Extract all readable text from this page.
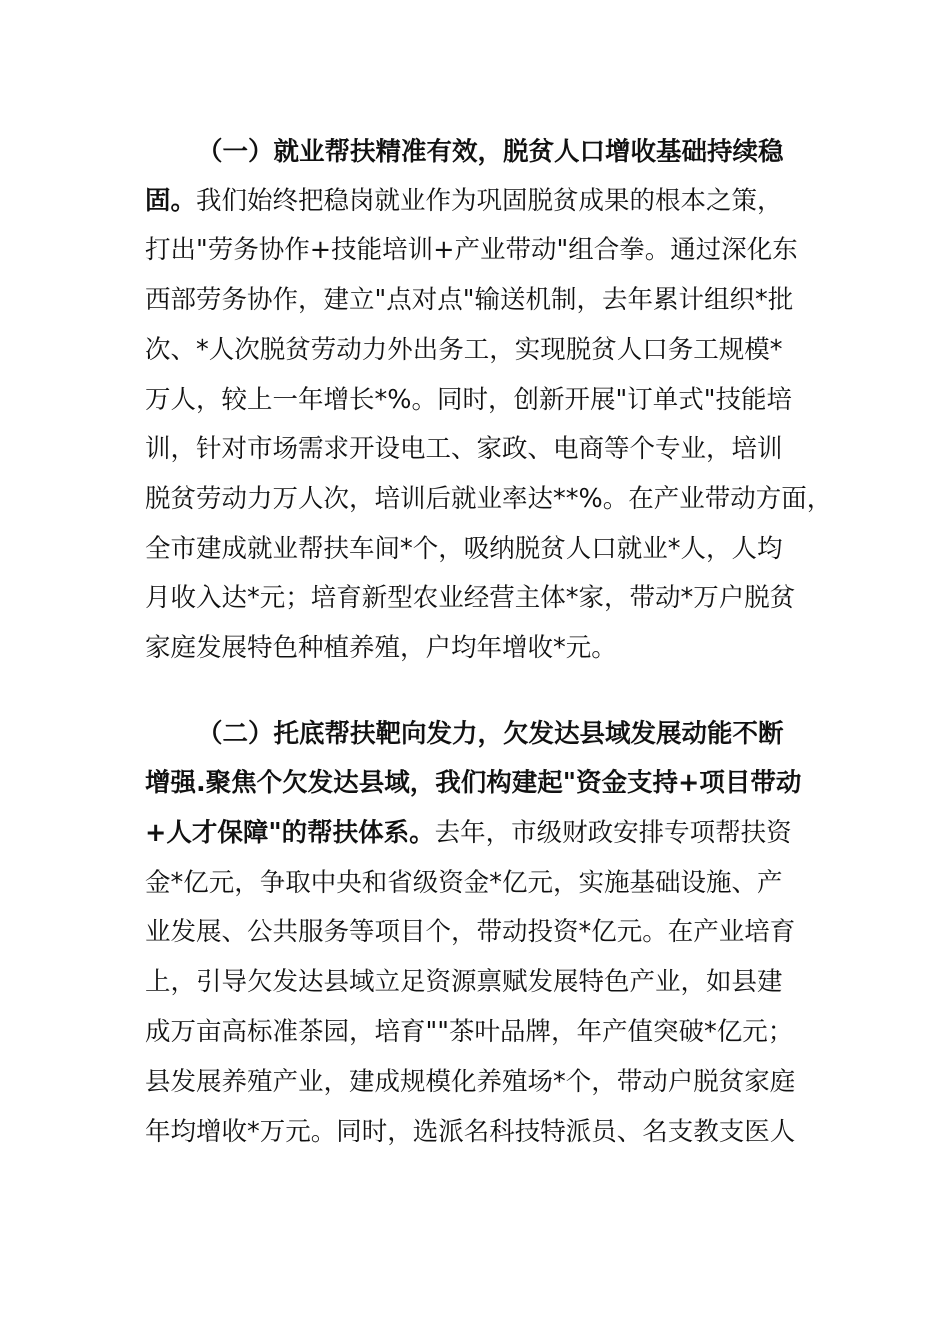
（一）就业帮扶精准有效，脱贫人口增收基础持续稳
固。我们始终把稳岗就业作为巩固脱贫成果的根本之策，
打出"劳务协作+技能培训+产业带动"组合拳。通过深化东
西部劳务协作，建立"点对点"输送机制，去年累计组织*批
次、*人次脱贫劳动力外出务工，实现脱贫人口务工规模*
万人，较上一年增长*%。同时，创新开展"订单式"技能培
训，针对市场需求开设电工、家政、电商等个专业，培训
脱贫劳动力万人次，培训后就业率达**%。在产业带动方面，
全市建成就业帮扶车间*个，吸纳脱贫人口就业*人，人均
月收入达*元；培育新型农业经营主体*家，带动*万户脱贫
家庭发展特色种植养殖，户均年增收*元。
（二）托底帮扶靶向发力，欠发达县域发展动能不断
增强.聚焦个欠发达县域，我们构建起"资金支持+项目带动
+人才保障"的帮扶体系。去年，市级财政安排专项帮扶资
金*亿元，争取中央和省级资金*亿元，实施基础设施、产
业发展、公共服务等项目个，带动投资*亿元。在产业培育
上，引导欠发达县域立足资源禀赋发展特色产业，如县建
成万亩高标准茶园，培育""茶叶品牌，年产值突破*亿元；
县发展养殖产业，建成规模化养殖场*个，带动户脱贫家庭
年均增收*万元。同时，选派名科技特派员、名支教支医人
